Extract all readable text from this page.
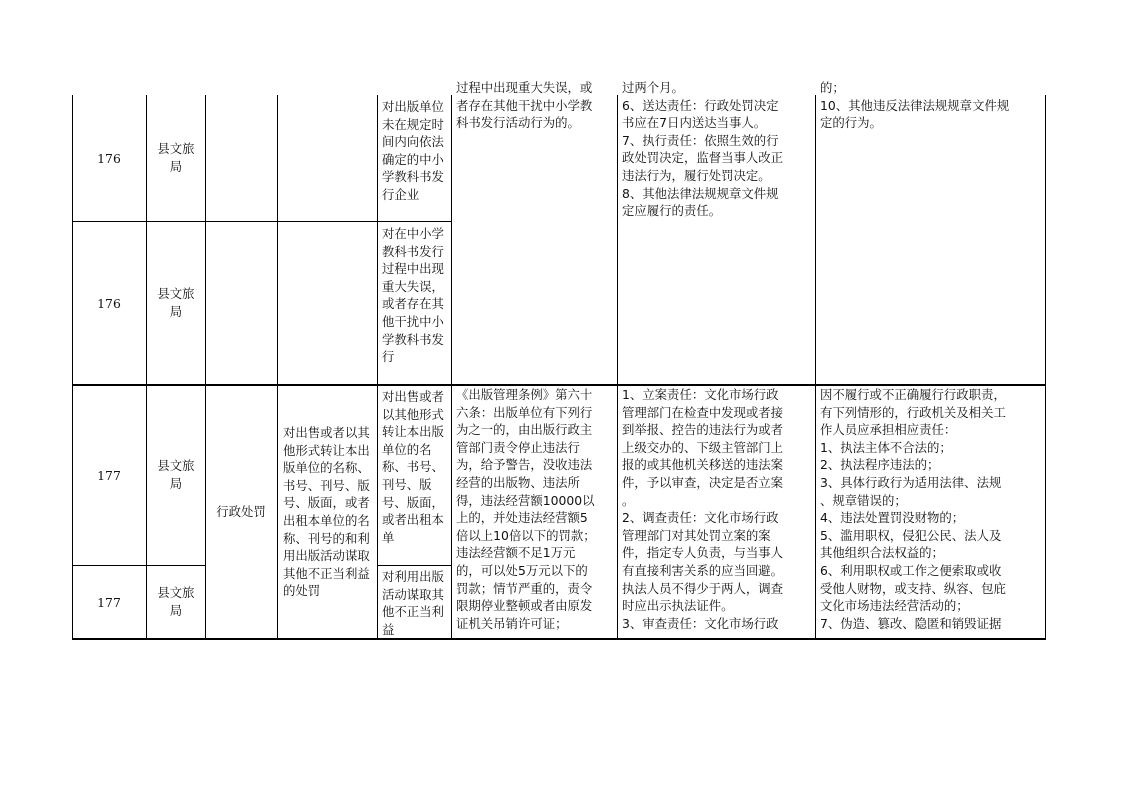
176
县文旅局
对出版单位未在规定时间内向依法确定的中小学教科书发行企业
176
县文旅局
对在中小学教科书发行过程中出现重大失误，或者存在其他干扰中小学教科书发行
过程中出现重大失误，或
者存在其他干扰中小学教
科书发行活动行为的。
过两个月。
6、送达责任：行政处罚决定
书应在7日内送达当事人。
7、执行责任：依照生效的行
政处罚决定，监督当事人改正
违法行为，履行处罚决定。
8、其他法律法规规章文件规
定应履行的责任。
的；
10、其他违反法律法规规章文件规
定的行为。
177
县文旅局
对出售或者以其他形式转让本出版单位的名称、书号、刊号、版号、版面，或者出租本单
177
县文旅局
对利用出版活动谋取其他不正当利益
行政处罚
对出售或者以其他形式转让本出版单位的名称、书号、刊号、版号、版面，或者出租本单位的名称、刊号的和利用出版活动谋取其他不正当利益的处罚
《出版管理条例》第六十
六条：出版单位有下列行
为之一的，由出版行政主
管部门责令停止违法行
为，给予警告，没收违法
经营的出版物、违法所
得，违法经营额10000以
上的，并处违法经营额5
倍以上10倍以下的罚款；
违法经营额不足1万元
的，可以处5万元以下的
罚款；情节严重的，责令
限期停业整顿或者由原发
证机关吊销许可证；
1、立案责任：文化市场行政
管理部门在检查中发现或者接
到举报、控告的违法行为或者
上级交办的、下级主管部门上
报的或其他机关移送的违法案
件，予以审查，决定是否立案
。
2、调查责任：文化市场行政
管理部门对其处罚立案的案
件，指定专人负责，与当事人
有直接利害关系的应当回避。
执法人员不得少于两人，调查
时应出示执法证件。
3、审查责任：文化市场行政
因不履行或不正确履行行政职责，
有下列情形的，行政机关及相关工
作人员应承担相应责任：
1、执法主体不合法的；
2、执法程序违法的；
3、具体行政行为适用法律、法规
、规章错误的；
4、违法处置罚没财物的；
5、滥用职权，侵犯公民、法人及
其他组织合法权益的；
6、利用职权或工作之便索取或收
受他人财物，或支持、纵容、包庇
文化市场违法经营活动的；
7、伪造、篡改、隐匿和销毁证据
